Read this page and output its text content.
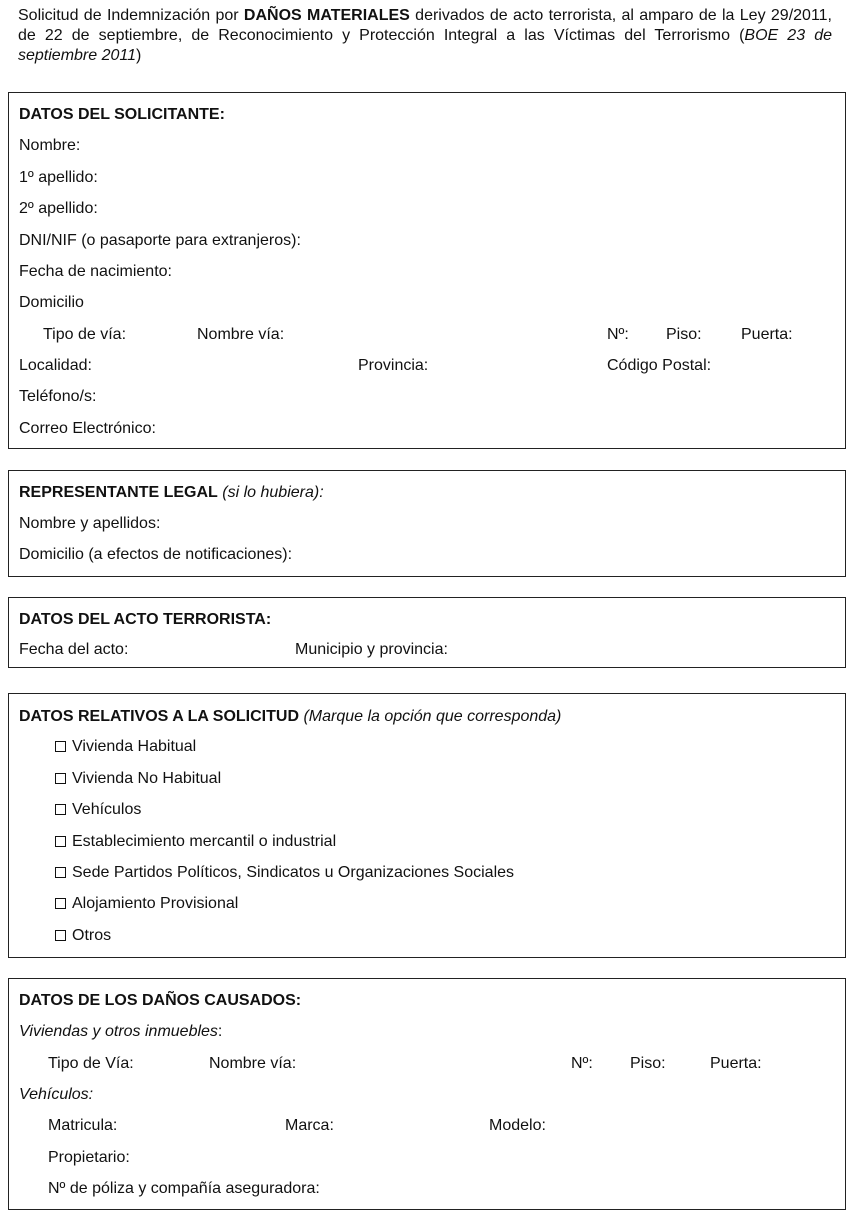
Solicitud de Indemnización por DAÑOS MATERIALES derivados de acto terrorista, al amparo de la Ley 29/2011, de 22 de septiembre, de Reconocimiento y Protección Integral a las Víctimas del Terrorismo (BOE 23 de septiembre 2011)
DATOS DEL SOLICITANTE:
Nombre:
1º apellido:
2º apellido:
DNI/NIF (o pasaporte para extranjeros):
Fecha de nacimiento:
Domicilio
Tipo de vía:	Nombre vía:	Nº: Piso: Puerta:
Localidad:	Provincia:	Código Postal:
Teléfono/s:
Correo Electrónico:
REPRESENTANTE LEGAL (si lo hubiera):
Nombre y apellidos:
Domicilio (a efectos de notificaciones):
DATOS DEL ACTO TERRORISTA:
Fecha del acto:	Municipio y provincia:
DATOS RELATIVOS A LA SOLICITUD (Marque la opción que corresponda)
Vivienda Habitual
Vivienda No Habitual
Vehículos
Establecimiento mercantil o industrial
Sede Partidos Políticos, Sindicatos u Organizaciones Sociales
Alojamiento Provisional
Otros
DATOS DE LOS DAÑOS CAUSADOS:
Viviendas y otros inmuebles:
Tipo de Vía:	Nombre vía:	Nº: Piso:	Puerta:
Vehículos:
Matricula:	Marca:	Modelo:
Propietario:
Nº de póliza y compañía aseguradora:
